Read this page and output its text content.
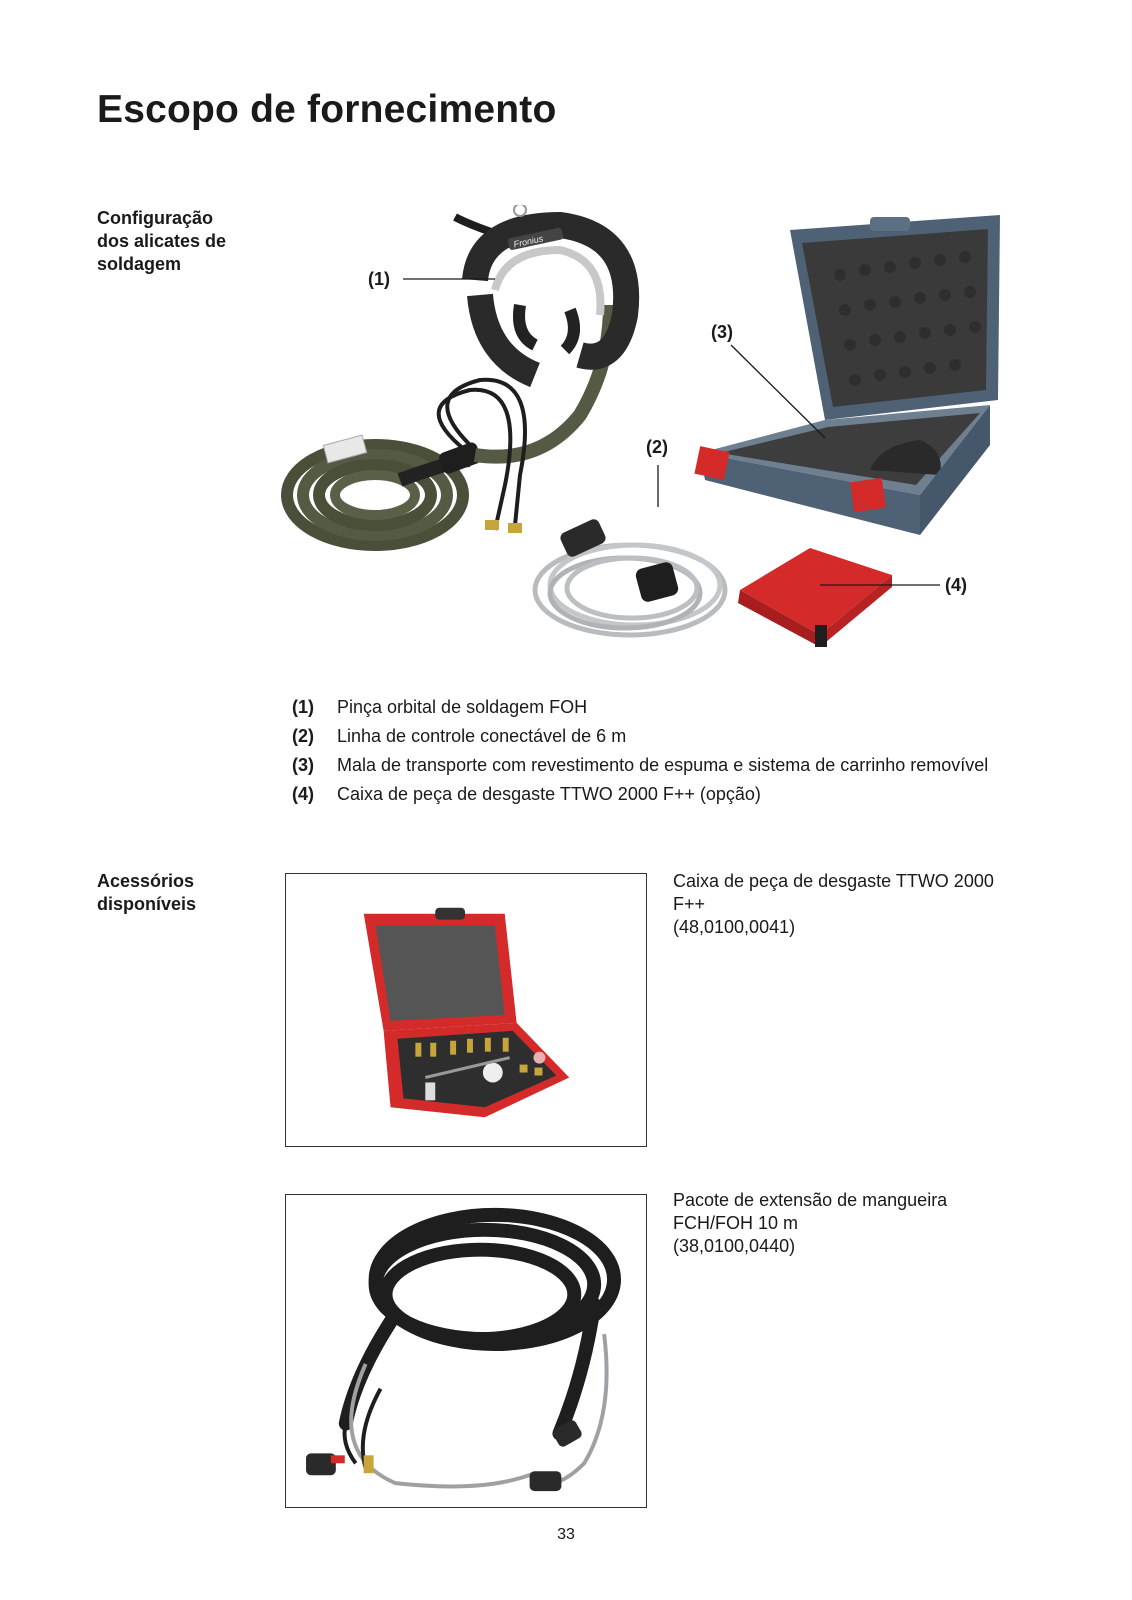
Escopo de fornecimento

Configuração
dos alicates de
soldagem

Fronius
(1)
(2)
(3)
(4)
(1)	Pinça orbital de soldagem FOH
(2)	Linha de controle conectável de 6 m
(3)	Mala de transporte com revestimento de espuma e sistema de carrinho removível
(4)	Caixa de peça de desgaste TTWO 2000 F++ (opção)

Acessórios
disponíveis

Caixa de peça de desgaste TTWO 2000
F++
(48,0100,0041)
Pacote de extensão de mangueira
FCH/FOH 10 m
(38,0100,0440)
33
